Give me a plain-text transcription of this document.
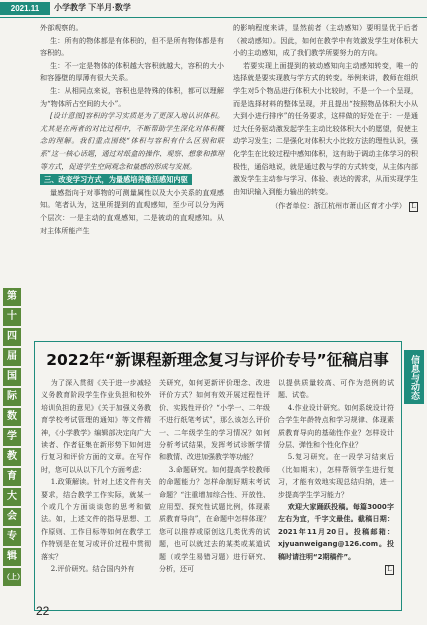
2021.11	小学教学 下半月·数学

外部观察的。

生：所有的物体都是有体积的，但不是所有物体都是有容积的。

生：不一定是物体的体积越大容积就越大，容积的大小和容器壁的厚薄有很大关系。

生：从相同点来说，容积也是特殊的体积，都可以理解为“物体所占空间的大小”。

[设计意图]容积的学习实质是为了更深入地认识体积。尤其是在两者的对比过程中，不断帮助学生深化对体积概念的理解。我们重点围绕“体积与容积有什么区别和联系”这一核心话题，通过对纸盒的操作、观察、想象和推理等方式，促进学生空间观念和量感的形成与发展。

三、改变学习方式，为量感培养激活感知内驱

量感指向于对事物的可测量属性以及大小关系的直观感知。笔者认为，这里所提到的直观感知，至少可以分为两个层次：一是主动的直观感知，二是被动的直观感知。从对主体所能产生

的影响程度来讲，显然前者（主动感知）要明显优于后者（被动感知）。因此，如何在教学中有效激发学生对体积大小的主动感知，成了我们教学所要努力的方向。

若要实现上面提到的被动感知向主动感知转变，唯一的选择就是要实现教与学方式的转变。举例来讲，教师在组织学生对5个物品进行体积大小比较时，不是一个一个呈现，而是选择材料的整体呈现，并且提出“按照物品体积大小从大到小进行排序”的任务要求，这样做的好处在于：一是通过大任务驱动激发起学生主动比较体积大小的愿望，促使主动学习发生；二是强化对体积大小比较方法的理性认识，强化学生在比较过程中感知体积，这有助于调动主体学习的积极性，通俗地说，就是通过教与学的方式转变，从主体内部激发学生主动参与学习、体验、表达的需求，从而实现学生由知识输入到能力输出的转变。

（作者单位：浙江杭州市萧山区育才小学） L
第
十
四
届
国
际
数
学
教
育
大
会
专
辑
（上）
2022年“新课程新理念复习与评价专号”征稿启事	信息与动态

为了深入贯彻《关于进一步减轻义务教育阶段学生作业负担和校外培训负担的意见》《关于加强义务教育学校考试管理的通知》等文件精神，《小学教学》编辑部决定向广大读者、作者征集在新形势下如何进行复习和评价方面的文章。在写作时，您可以从以下几个方面考虑：

1.政策解读。针对上述文件有关要求，结合教学工作实际，就某一个或几个方面谈谈您的思考和做法。如，上述文件的指导思想、工作原则、工作目标等如何在教学工作特别是在复习或评价过程中贯彻落实？

2.评价研究。结合国内外有

关研究，如何更新评价理念、改进评价方式？如何有效开展过程性评价、实践性评价？“小学一、二年级不进行纸笔考试”，那么该怎么评价一、二年级学生的学习情况？如何分析考试结果，发挥考试诊断学情和教情、改进加强教学等功能？

3.命题研究。如何提高学校教师的命题能力？怎样命制好期末考试命题？“注重增加综合性、开放性、应用型、探究性试题比例，体现素质教育导向”，在命题中怎样体现？您可以推荐或原创这几类优秀的试题，也可以就过去的某类或某道试题（或学生易错习题）进行研究、分析，还可

以提供质量较高、可作为范例的试题、试卷。

4.作业设计研究。如何系统设计符合学生年龄特点和学习规律、体现素质教育导向的基础性作业？怎样设计分层、弹性和个性化作业？

5.复习研究。在一段学习结束后（比如期末），怎样帮领学生进行复习，才能有效地实现总结归纳，进一步提高学生学习能力？

欢迎大家踊跃投稿。每篇3000字左右为宜，千字文最佳。截稿日期：2021年11月20日。投稿邮箱：xjyuanweigang@126.com。投稿时请注明“2期稿件”。

L
22
